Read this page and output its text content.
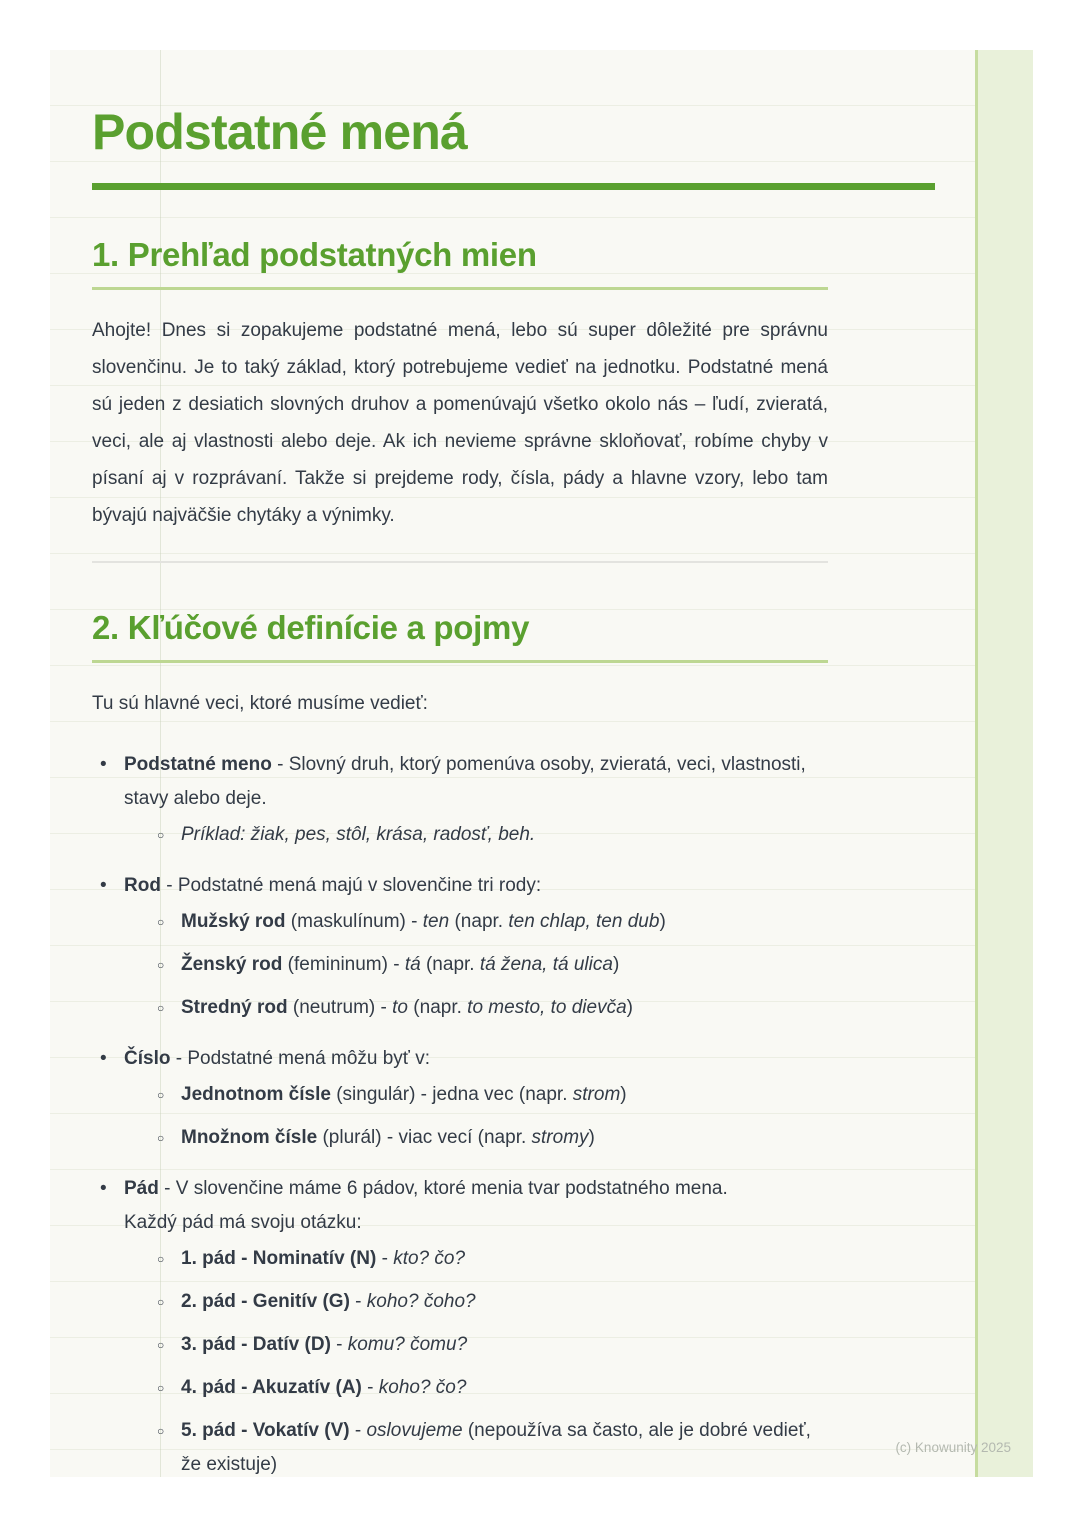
Podstatné mená
1. Prehľad podstatných mien

Ahojte! Dnes si zopakujeme podstatné mená, lebo sú super dôležité pre správnu slovenčinu. Je to taký základ, ktorý potrebujeme vedieť na jednotku. Podstatné mená sú jeden z desiatich slovných druhov a pomenúvajú všetko okolo nás – ľudí, zvieratá, veci, ale aj vlastnosti alebo deje. Ak ich nevieme správne skloňovať, robíme chyby v písaní aj v rozprávaní. Takže si prejdeme rody, čísla, pády a hlavne vzory, lebo tam bývajú najväčšie chytáky a výnimky.

2. Kľúčové definície a pojmy

Tu sú hlavné veci, ktoré musíme vedieť:

•
Podstatné meno - Slovný druh, ktorý pomenúva osoby, zvieratá, veci, vlastnosti, stavy alebo deje.
○
Príklad: žiak, pes, stôl, krása, radosť, beh.
•
Rod - Podstatné mená majú v slovenčine tri rody:
○
Mužský rod (maskulínum) - ten (napr. ten chlap, ten dub)
○
Ženský rod (femininum) - tá (napr. tá žena, tá ulica)
○
Stredný rod (neutrum) - to (napr. to mesto, to dievča)
•
Číslo - Podstatné mená môžu byť v:
○
Jednotnom čísle (singulár) - jedna vec (napr. strom)
○
Množnom čísle (plurál) - viac vecí (napr. stromy)
•
Pád - V slovenčine máme 6 pádov, ktoré menia tvar podstatného mena.
Každý pád má svoju otázku:
○
1. pád - Nominatív (N) - kto? čo?
○
2. pád - Genitív (G) - koho? čoho?
○
3. pád - Datív (D) - komu? čomu?
○
4. pád - Akuzatív (A) - koho? čo?
○
5. pád - Vokatív (V) - oslovujeme (nepoužíva sa často, ale je dobré vedieť, že existuje)
(c) Knowunity 2025
